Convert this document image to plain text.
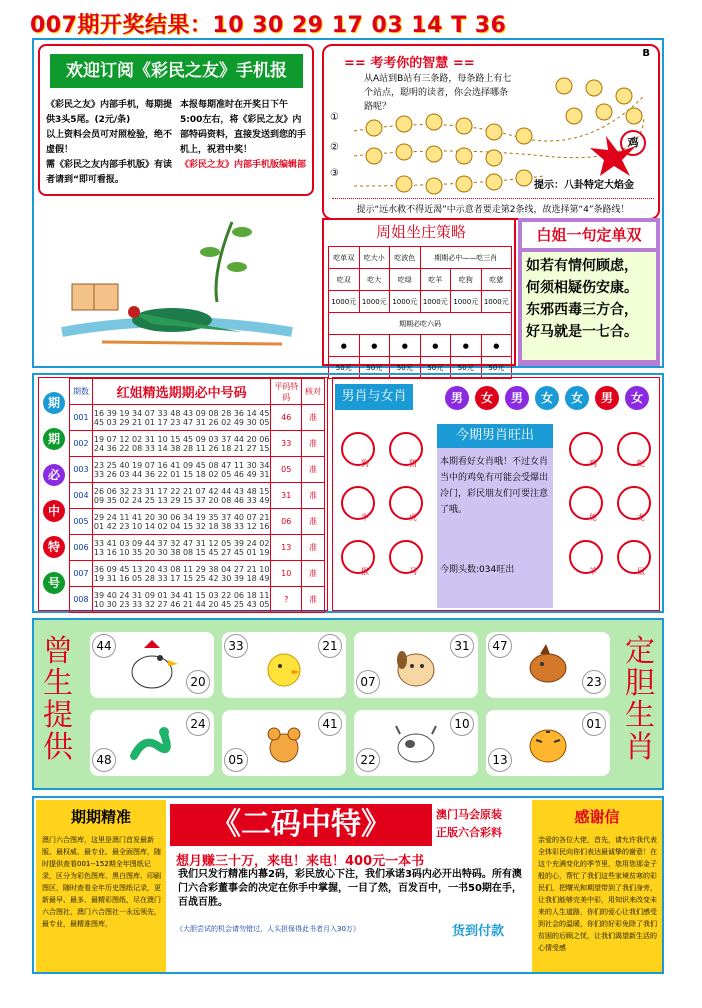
007期开奖结果：10 30 29 17 03 14 T 36
欢迎订阅《彩民之友》手机报
《彩民之友》内部手机，每期提供3头5尾。(2元/条)
以上资料会员可对照检验，绝不虚假！
需《彩民之友内部手机版》有读者请到“即可看报。
本报每期准时在开奖日下午5:00左右，将《彩民之友》内部特码资料，直接发送到您的手机上，祝君中奖！
《彩民之友》内部手机版编辑部
== 考考你的智慧 ==
B
从A站到B站有三条路，每条路上有七个站点，聪明的读者，你会选择哪条路呢？
①
②
③
中	鸡
提示：八卦特定大焰金
提示“远水救不得近渴”中示意者要走第2条线，故选择第“4”条路线！
周姐坐庄策略
吃单双	吃大小	吃波色	期期必中——吃三肖		
吃双	吃大	吃绿	吃羊	吃狗	吃猪
1000元	1000元	1000元	1000元	1000元	1000元
期期必吃六码					
●	●	●	●	●	●
50元	50元	50元	50元	50元	50元
白姐一句定单双
如若有情何顾虑，
何须相疑伤安康。
东邪西毒三方合，
好马就是一七合。
期
期
必
中
特
号
期数	红姐精选期期必中号码	平码特码	核对
001	16 39 19 34 07 33 48 43 09 08 28 36 14 45 45 03 29 21 01 17 23 47 31 26 02 49 30 05	46	准
002	19 07 12 02 31 10 15 45 09 03 37 44 20 06 24 36 22 08 33 14 38 28 11 26 18 21 27 15	33	准
003	23 25 40 19 07 16 41 09 45 08 47 11 30 34 33 26 03 44 36 22 01 15 18 02 05 46 49 31	05	准
004	26 06 32 23 31 17 22 21 07 42 44 43 48 15 09 35 02 24 25 13 29 15 37 20 08 46 33 49	31	准
005	29 24 11 41 20 30 06 34 19 35 37 40 07 21 01 42 23 10 14 02 04 15 32 18 38 33 12 16	06	准
006	33 41 03 09 44 37 32 47 31 12 05 39 24 02 13 16 10 35 20 30 38 08 15 45 27 45 01 19	13	准
007	36 09 45 13 20 43 08 11 29 38 04 27 21 10 19 31 16 05 28 33 17 15 25 42 30 39 18 49	10	准
008	39 40 24 31 09 01 34 41 15 03 22 06 18 11 10 30 23 33 32 27 46 21 44 20 45 25 43 05	?	准
男肖与女肖	男	女	男	女	女	男	女
今期男肖旺出
本期看好女肖哦！不过女肖当中的鸡免有可能会受爆出冷门，彩民朋友们可要注意了哦。
今期头数:034旺出
狗	猪
牛	虎
猴	马
鸡	蛇
兔	龙
羊	鼠
曾
生
提
供
定
胆
生
肖
44
20
33	21	31
07
47
23
24
48
41
05
10
22
01
13
期期精准
澳门六合图库，这里是澳门首发最新版、最权威、最专业、最全面图库，随时提供查看001--152期全年图纸记录，区分为彩色图库、黑白图库、印刷图区，随时查看全年历史图纸记录，更新最早、最多、最精彩图纸，尽在澳门六合图社，澳门六合图社一永远领先，最专业，最精准图库，
《二码中特》	澳门马会原装
正版六合彩料
想月赚三十万，来电！来电！400元一本书
我们只发行精准内幕2码，彩民放心下注，我们承诺3码内必开出特码。所有澳门六合彩董事会的决定在你手中掌握，一目了然，百发百中，一书50期在手，百战百胜。
《大胆尝试的机会请勿错过，人头担保得此书者月入30万》	货到付款
感谢信
亲爱的各位大佬，首先，请允许我代表全体彩民向你们表达最诚挚的谢意！在这个充满变化的季节里，您用您那金子般的心，帮忙了我们这些家境贫寒的彩民们，把曙光和期望带到了我们身旁，让我们能够完美中彩，用知识来改变未来的人生道路，你们的爱心让我们感受到社会的温暖，你们的好彩免除了我们贫困的后顾之忧，让我们渴望新生活的心情受感
